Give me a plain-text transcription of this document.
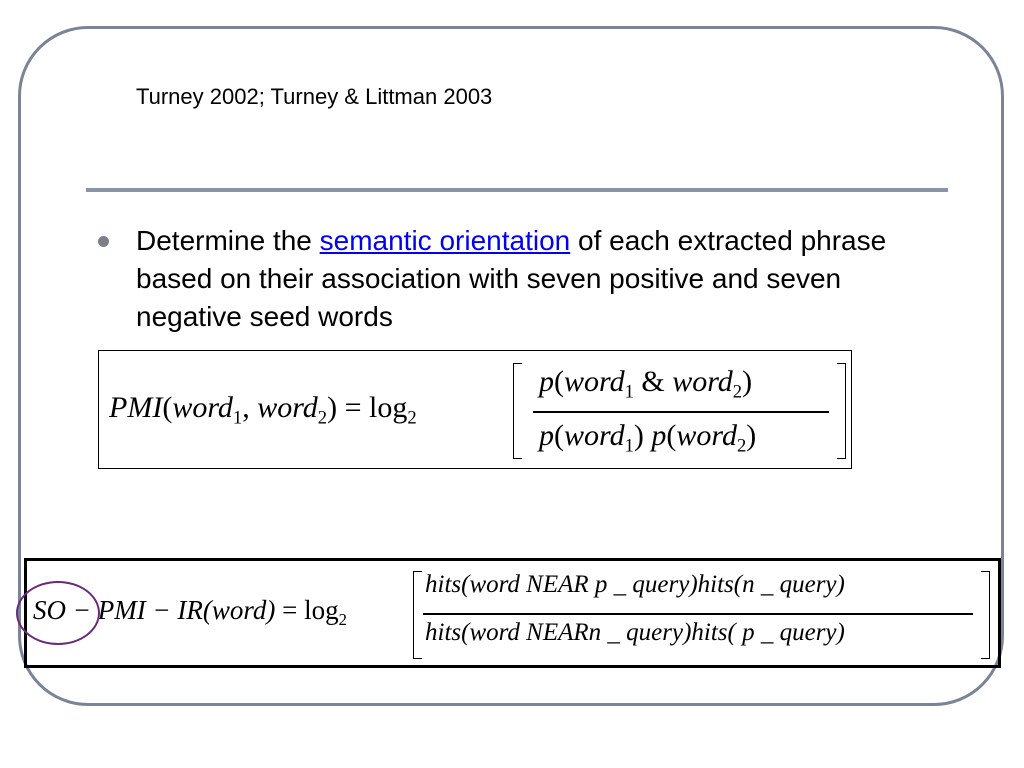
Turney 2002; Turney & Littman 2003
Determine the semantic orientation of each extracted phrase based on their association with seven positive and seven negative seed words
PMI(word$_1$, word$_2$) = $\log_2$
p(word$_1$ & word$_2$)
p(word$_1$) p(word$_2$)
SO − PMI − IR(word) = $\log_2$
hits(word NEAR p _ query)hits(n _ query)
hits(word NEARn _ query)hits( p _ query)
